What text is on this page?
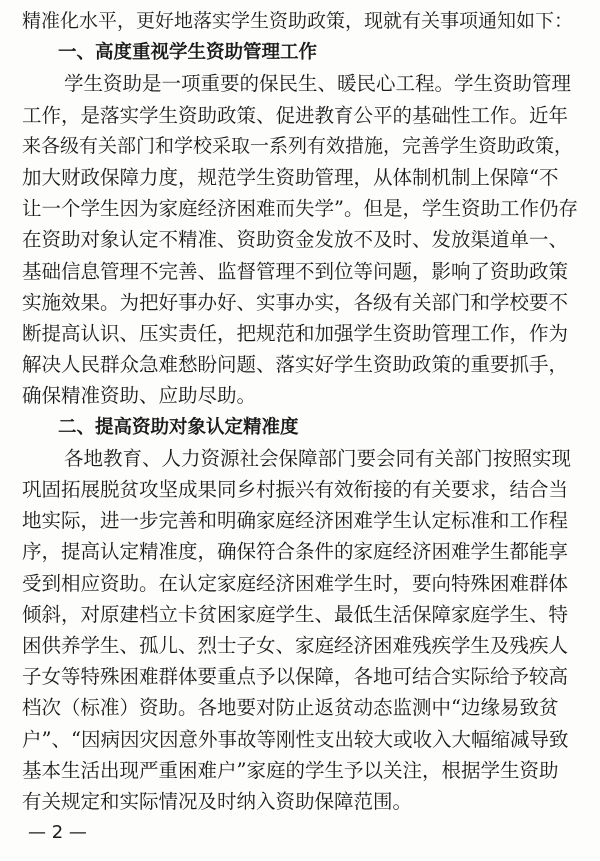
精准化水平，更好地落实学生资助政策，现就有关事项通知如下：
一、高度重视学生资助管理工作
学生资助是一项重要的保民生、暖民心工程。学生资助管理
工作，是落实学生资助政策、促进教育公平的基础性工作。近年
来各级有关部门和学校采取一系列有效措施，完善学生资助政策，
加大财政保障力度，规范学生资助管理，从体制机制上保障“不
让一个学生因为家庭经济困难而失学”。但是，学生资助工作仍存
在资助对象认定不精准、资助资金发放不及时、发放渠道单一、
基础信息管理不完善、监督管理不到位等问题，影响了资助政策
实施效果。为把好事办好、实事办实，各级有关部门和学校要不
断提高认识、压实责任，把规范和加强学生资助管理工作，作为
解决人民群众急难愁盼问题、落实好学生资助政策的重要抓手，
确保精准资助、应助尽助。
二、提高资助对象认定精准度
各地教育、人力资源社会保障部门要会同有关部门按照实现
巩固拓展脱贫攻坚成果同乡村振兴有效衔接的有关要求，结合当
地实际，进一步完善和明确家庭经济困难学生认定标准和工作程
序，提高认定精准度，确保符合条件的家庭经济困难学生都能享
受到相应资助。在认定家庭经济困难学生时，要向特殊困难群体
倾斜，对原建档立卡贫困家庭学生、最低生活保障家庭学生、特
困供养学生、孤儿、烈士子女、家庭经济困难残疾学生及残疾人
子女等特殊困难群体要重点予以保障，各地可结合实际给予较高
档次（标准）资助。各地要对防止返贫动态监测中“边缘易致贫
户”、“因病因灾因意外事故等刚性支出较大或收入大幅缩减导致
基本生活出现严重困难户”家庭的学生予以关注，根据学生资助
有关规定和实际情况及时纳入资助保障范围。
— 2 —
